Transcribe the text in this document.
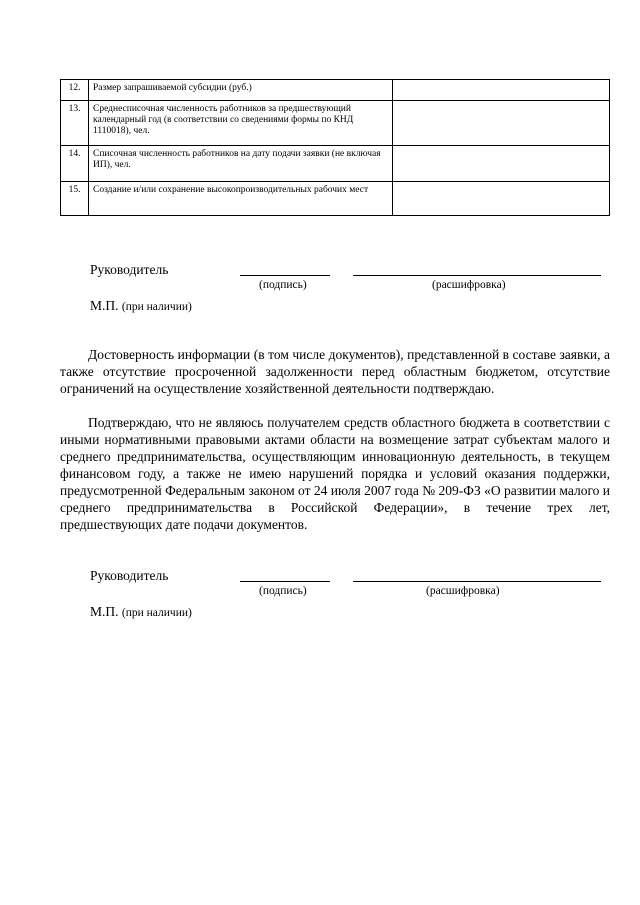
12.	Размер запрашиваемой субсидии (руб.)	
13.	Среднесписочная численность работников за предшествующий календарный год (в соответствии со сведениями формы по КНД 1110018), чел.	
14.	Списочная численность работников на дату подачи заявки (не включая ИП), чел.	
15.	Создание и/или сохранение высокопроизводительных рабочих мест	
Руководитель
(подпись)	(расшифровка)
М.П. (при наличии)

Достоверность информации (в том числе документов), представленной в составе заявки, а также отсутствие просроченной задолженности перед областным бюджетом, отсутствие ограничений на осуществление хозяйственной деятельности подтверждаю.

Подтверждаю, что не являюсь получателем средств областного бюджета в соответствии с иными нормативными правовыми актами области на возмещение затрат субъектам малого и среднего предпринимательства, осуществляющим инновационную деятельность, в текущем финансовом году, а также не имею нарушений порядка и условий оказания поддержки, предусмотренной Федеральным законом от 24 июля 2007 года № 209-ФЗ «О развитии малого и среднего предпринимательства в Российской Федерации», в течение трех лет, предшествующих дате подачи документов.

Руководитель
(подпись)	(расшифровка)
М.П. (при наличии)
